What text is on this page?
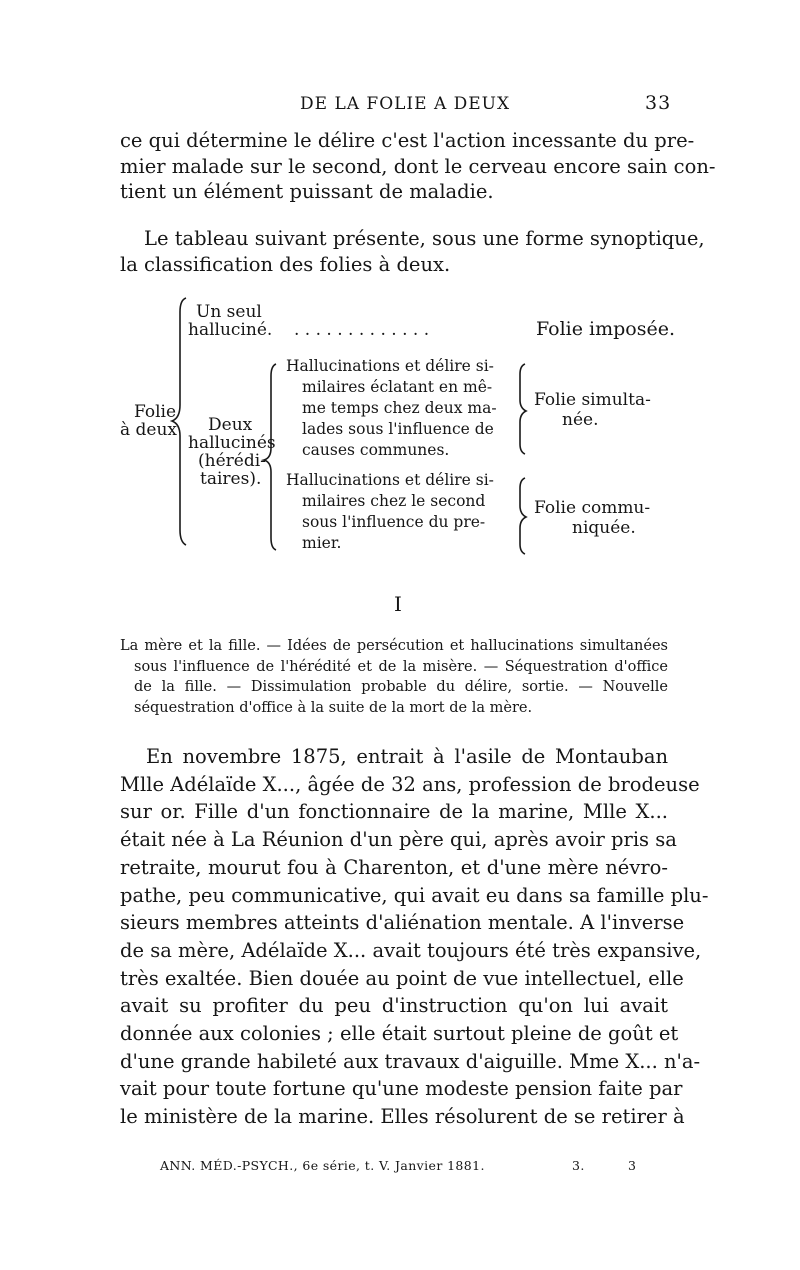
DE LA FOLIE A DEUX	33
ce qui détermine le délire c'est l'action incessante du pre-
mier malade sur le second, dont le cerveau encore sain con-
tient un élément puissant de maladie.
Le tableau suivant présente, sous une forme synoptique,
la classification des folies à deux.
Folie
à deux
Un seul
halluciné. . . . . . . . . . . . . .	Folie imposée.
Deux
hallucinés
(hérédi-
taires).
Hallucinations et délire si-
milaires éclatant en mê-
me temps chez deux ma-
lades sous l'influence de
causes communes.
Folie simulta-
née.
Hallucinations et délire si-
milaires chez le second
sous l'influence du pre-
mier.
Folie commu-
niquée.
I
La mère et la fille. — Idées de persécution et hallucinations simultanées
sous l'influence de l'hérédité et de la misère. — Séquestration d'office
de la fille. — Dissimulation probable du délire, sortie. — Nouvelle
séquestration d'office à la suite de la mort de la mère.
En novembre 1875, entrait à l'asile de Montauban
Mlle Adélaïde X..., âgée de 32 ans, profession de brodeuse
sur or. Fille d'un fonctionnaire de la marine, Mlle X...
était née à La Réunion d'un père qui, après avoir pris sa
retraite, mourut fou à Charenton, et d'une mère névro-
pathe, peu communicative, qui avait eu dans sa famille plu-
sieurs membres atteints d'aliénation mentale. A l'inverse
de sa mère, Adélaïde X... avait toujours été très expansive,
très exaltée. Bien douée au point de vue intellectuel, elle
avait su profiter du peu d'instruction qu'on lui avait
donnée aux colonies ; elle était surtout pleine de goût et
d'une grande habileté aux travaux d'aiguille. Mme X... n'a-
vait pour toute fortune qu'une modeste pension faite par
le ministère de la marine. Elles résolurent de se retirer à
ANN. MÉD.-PSYCH., 6e série, t. V. Janvier 1881.	3.	3
